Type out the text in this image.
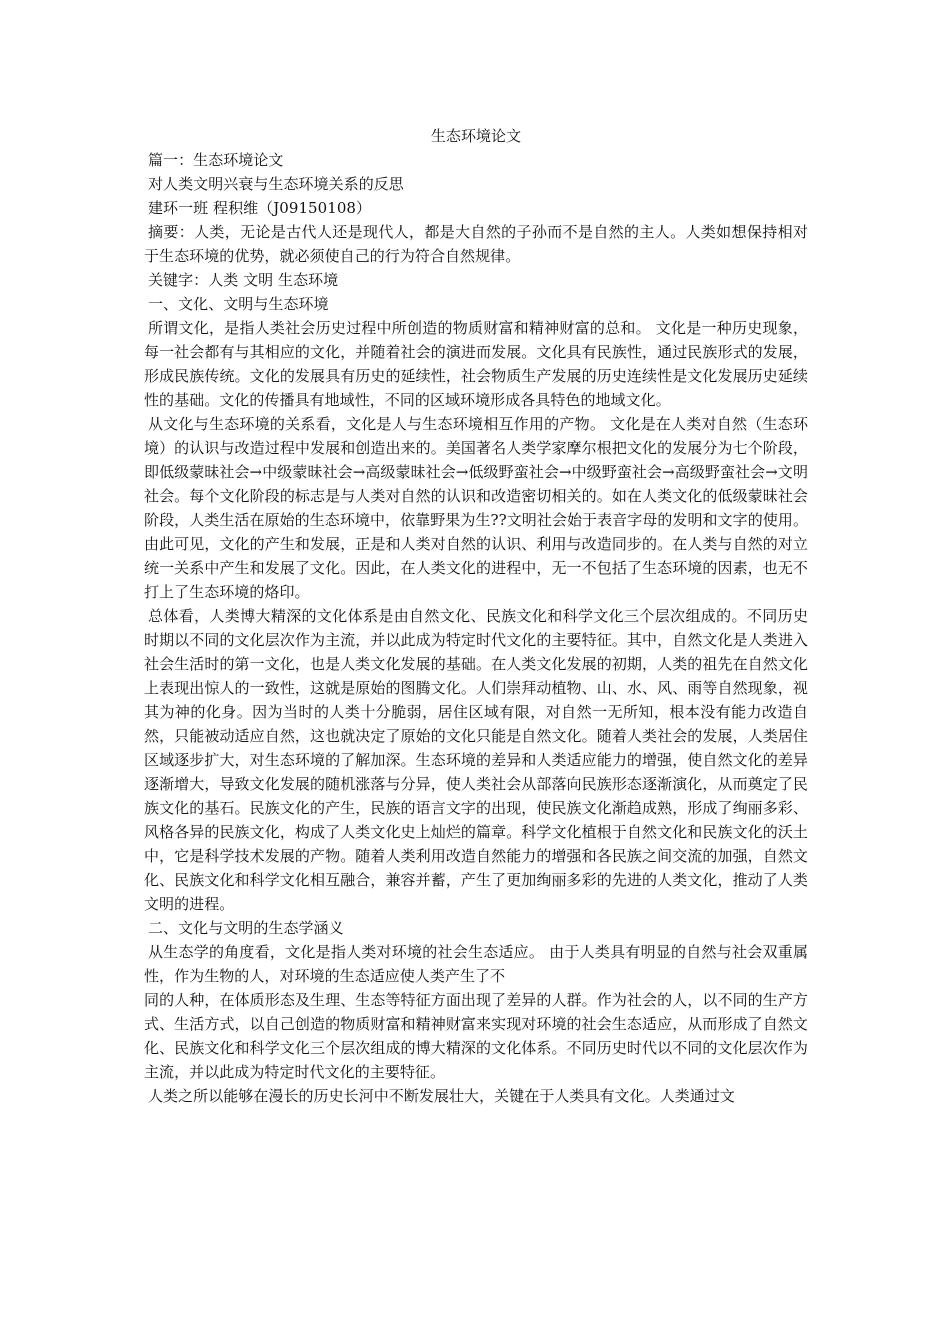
生态环境论文
篇一：生态环境论文
对人类文明兴衰与生态环境关系的反思
建环一班 程积维（J09150108）
摘要：人类，无论是古代人还是现代人，都是大自然的子孙而不是自然的主人。人类如想保持相对于生态环境的优势，就必须使自己的行为符合自然规律。
关键字：人类 文明 生态环境
一、文化、文明与生态环境
所谓文化，是指人类社会历史过程中所创造的物质财富和精神财富的总和。 文化是一种历史现象，每一社会都有与其相应的文化，并随着社会的演进而发展。文化具有民族性，通过民族形式的发展，形成民族传统。文化的发展具有历史的延续性，社会物质生产发展的历史连续性是文化发展历史延续性的基础。文化的传播具有地域性，不同的区域环境形成各具特色的地域文化。
从文化与生态环境的关系看，文化是人与生态环境相互作用的产物。 文化是在人类对自然（生态环境）的认识与改造过程中发展和创造出来的。美国著名人类学家摩尔根把文化的发展分为七个阶段，即低级蒙昧社会→中级蒙昧社会→高级蒙昧社会→低级野蛮社会→中级野蛮社会→高级野蛮社会→文明社会。每个文化阶段的标志是与人类对自然的认识和改造密切相关的。如在人类文化的低级蒙昧社会阶段，人类生活在原始的生态环境中，依靠野果为生??文明社会始于表音字母的发明和文字的使用。由此可见，文化的产生和发展，正是和人类对自然的认识、利用与改造同步的。在人类与自然的对立统一关系中产生和发展了文化。因此，在人类文化的进程中，无一不包括了生态环境的因素，也无不打上了生态环境的烙印。
总体看，人类博大精深的文化体系是由自然文化、民族文化和科学文化三个层次组成的。不同历史时期以不同的文化层次作为主流，并以此成为特定时代文化的主要特征。其中，自然文化是人类进入社会生活时的第一文化，也是人类文化发展的基础。在人类文化发展的初期，人类的祖先在自然文化上表现出惊人的一致性，这就是原始的图腾文化。人们崇拜动植物、山、水、风、雨等自然现象，视其为神的化身。因为当时的人类十分脆弱，居住区域有限，对自然一无所知，根本没有能力改造自然，只能被动适应自然，这也就决定了原始的文化只能是自然文化。随着人类社会的发展，人类居住区域逐步扩大，对生态环境的了解加深。生态环境的差异和人类适应能力的增强，使自然文化的差异逐渐增大，导致文化发展的随机涨落与分异，使人类社会从部落向民族形态逐渐演化，从而奠定了民族文化的基石。民族文化的产生，民族的语言文字的出现，使民族文化渐趋成熟，形成了绚丽多彩、风格各异的民族文化，构成了人类文化史上灿烂的篇章。科学文化植根于自然文化和民族文化的沃土中，它是科学技术发展的产物。随着人类利用改造自然能力的增强和各民族之间交流的加强，自然文化、民族文化和科学文化相互融合，兼容并蓄，产生了更加绚丽多彩的先进的人类文化，推动了人类文明的进程。
二、文化与文明的生态学涵义
从生态学的角度看，文化是指人类对环境的社会生态适应。 由于人类具有明显的自然与社会双重属性，作为生物的人，对环境的生态适应使人类产生了不
同的人种，在体质形态及生理、生态等特征方面出现了差异的人群。作为社会的人，以不同的生产方式、生活方式，以自己创造的物质财富和精神财富来实现对环境的社会生态适应，从而形成了自然文化、民族文化和科学文化三个层次组成的博大精深的文化体系。不同历史时代以不同的文化层次作为主流，并以此成为特定时代文化的主要特征。
人类之所以能够在漫长的历史长河中不断发展壮大，关键在于人类具有文化。人类通过文
